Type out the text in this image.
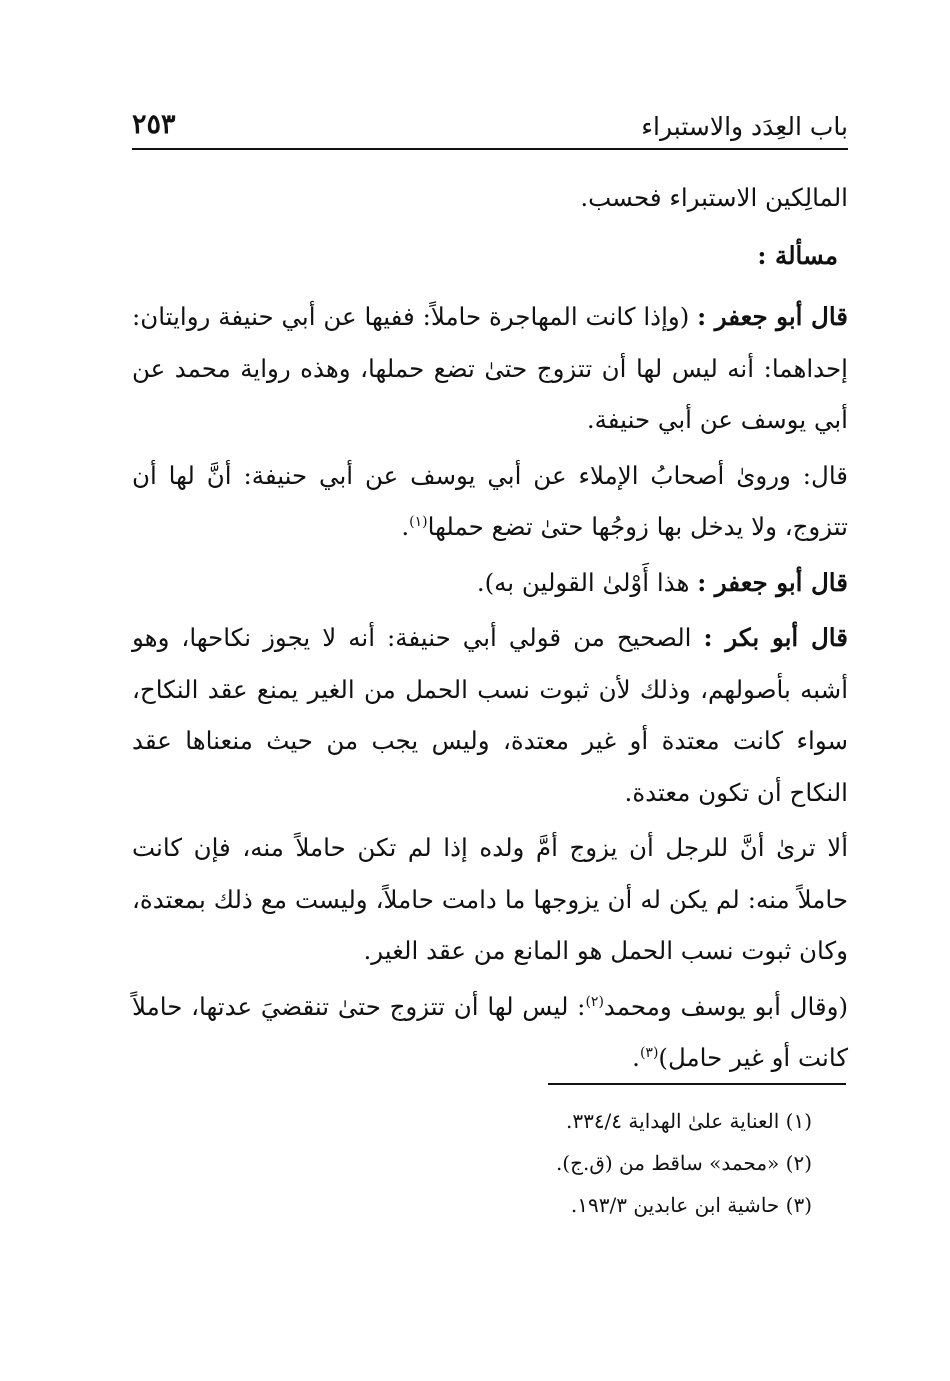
باب العِدَد والاستبراء
٢٥٣

المالِكين الاستبراء فحسب.

مسألة :

قال أبو جعفر : (وإذا كانت المهاجرة حاملاً: ففيها عن أبي حنيفة روايتان: إحداهما: أنه ليس لها أن تتزوج حتىٰ تضع حملها، وهذه رواية محمد عن أبي يوسف عن أبي حنيفة.

قال: ورویٰ أصحابُ الإملاء عن أبي يوسف عن أبي حنيفة: أنَّ لها أن تتزوج، ولا يدخل بها زوجُها حتىٰ تضع حملها$^{(١)}$.

قال أبو جعفر : هذا أَوْلىٰ القولين به).

قال أبو بكر : الصحيح من قولي أبي حنيفة: أنه لا يجوز نكاحها، وهو أشبه بأصولهم، وذلك لأن ثبوت نسب الحمل من الغير يمنع عقد النكاح، سواء كانت معتدة أو غير معتدة، وليس يجب من حيث منعناها عقد النكاح أن تكون معتدة.

ألا ترىٰ أنَّ للرجل أن يزوج أمَّ ولده إذا لم تكن حاملاً منه، فإن كانت حاملاً منه: لم يكن له أن يزوجها ما دامت حاملاً، وليست مع ذلك بمعتدة، وكان ثبوت نسب الحمل هو المانع من عقد الغير.

(وقال أبو يوسف ومحمد$^{(٢)}$: ليس لها أن تتزوج حتىٰ تنقضيَ عدتها، حاملاً كانت أو غير حامل)$^{(٣)}$.

(١) العناية علىٰ الهداية ٣٣٤/٤.
(٢) «محمد» ساقط من (ق.ج).
(٣) حاشية ابن عابدين ١٩٣/٣.
